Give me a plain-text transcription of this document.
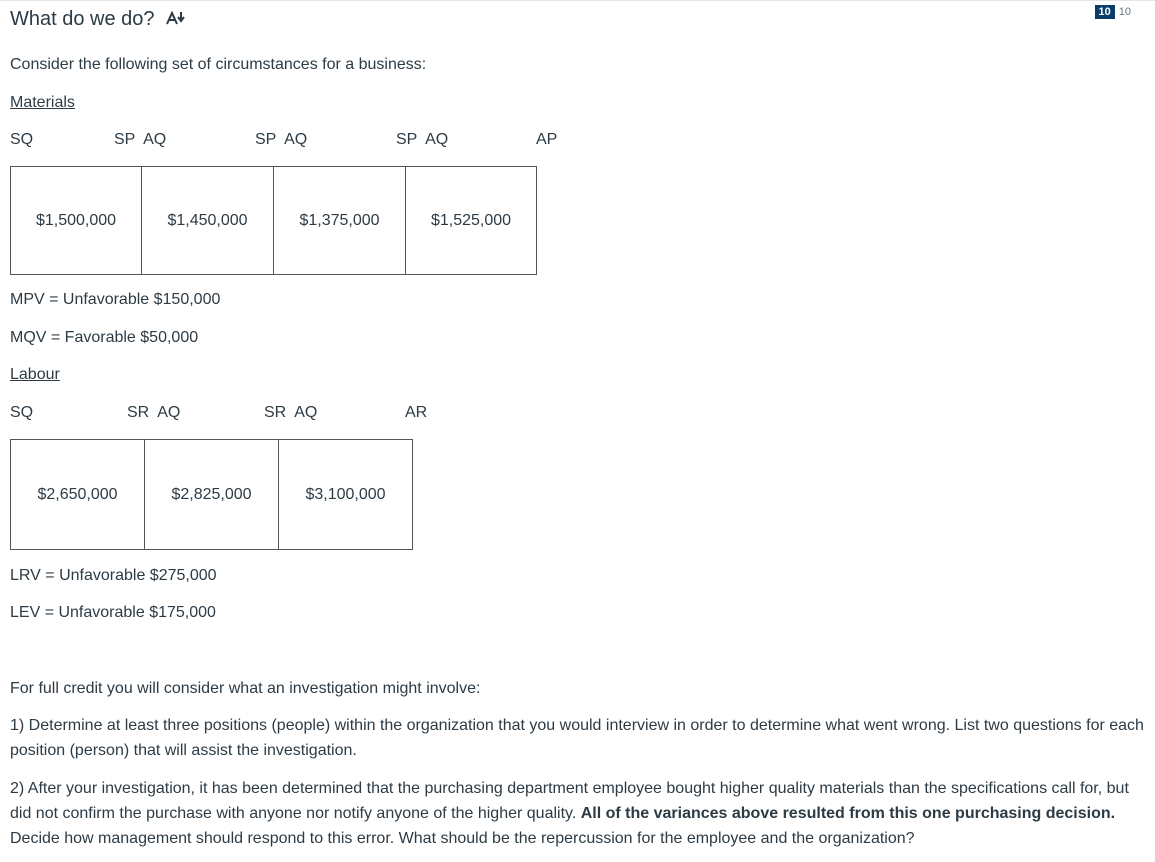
What do we do?	10 10
Consider the following set of circumstances for a business:
Materials
SQ	SP  AQ	SP  AQ	SP  AQ	AP
$1,500,000	$1,450,000	$1,375,000	$1,525,000
MPV = Unfavorable $150,000
MQV = Favorable $50,000
Labour
SQ	SR  AQ	SR  AQ	AR
$2,650,000	$2,825,000	$3,100,000
LRV = Unfavorable $275,000
LEV = Unfavorable $175,000
For full credit you will consider what an investigation might involve:
1) Determine at least three positions (people) within the organization that you would interview in order to determine what went wrong. List two questions for each position (person) that will assist the investigation.
2) After your investigation, it has been determined that the purchasing department employee bought higher quality materials than the specifications call for, but did not confirm the purchase with anyone nor notify anyone of the higher quality. All of the variances above resulted from this one purchasing decision. Decide how management should respond to this error. What should be the repercussion for the employee and the organization?
